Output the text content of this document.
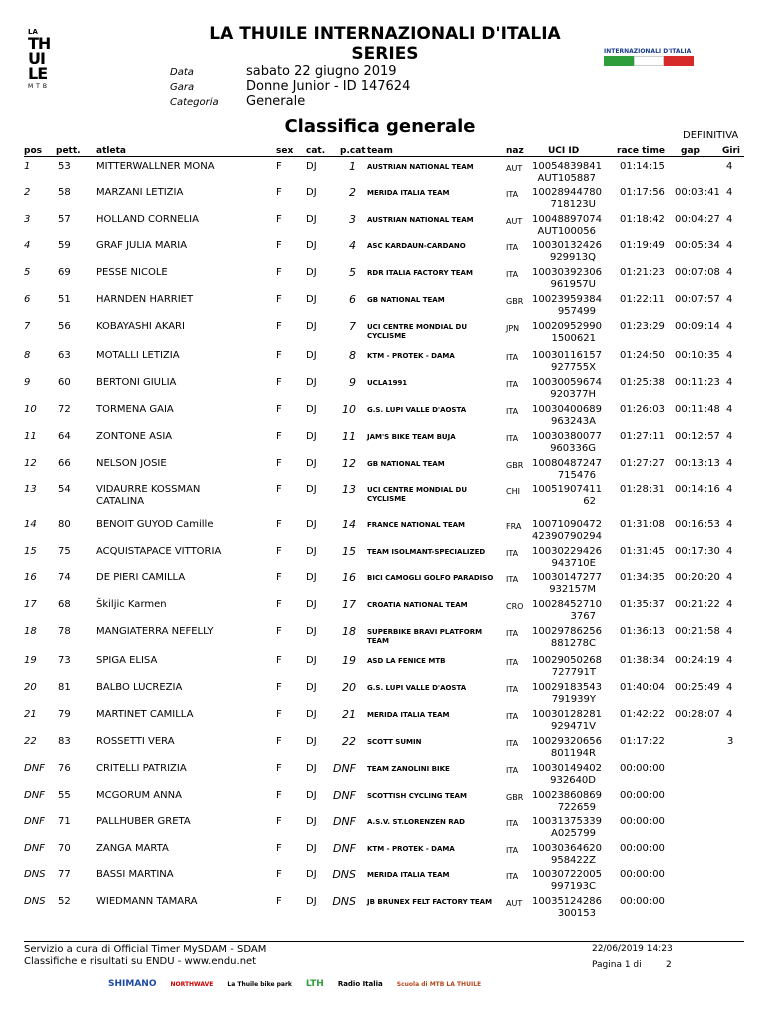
LA
TH
UI
LE
MTB
LA THUILE INTERNAZIONALI D'ITALIA
SERIES
Data	sabato 22 giugno 2019
Gara	Donne Junior - ID 147624
Categoria Generale
INTERNAZIONALI D'ITALIA
Classifica generale	DEFINITIVA
pos pett. atleta	sex cat. p.cat team	naz	UCI ID	race time gap Giri
1	53	MITTERWALLNER MONA	F DJ	1 AUSTRIAN NATIONAL TEAM	AUT	01:14:15	4
10054839841
AUT105887
2	58	MARZANI LETIZIA	F DJ	2 MERIDA ITALIA TEAM	ITA	01:17:56 00:03:41 4
10028944780
718123U
3	57	HOLLAND CORNELIA	F DJ	3 AUSTRIAN NATIONAL TEAM	AUT	01:18:42 00:04:27 4
10048897074
AUT100056
4	59	GRAF JULIA MARIA	F DJ	4 ASC KARDAUN-CARDANO	ITA	01:19:49 00:05:34 4
10030132426
929913Q
5	69	PESSE NICOLE	F DJ	5 RDR ITALIA FACTORY TEAM	ITA	01:21:23 00:07:08 4
10030392306
961957U
6	51	HARNDEN HARRIET	F DJ	6 GB NATIONAL TEAM	GBR	01:22:11 00:07:57 4
10023959384
957499
7	56	KOBAYASHI AKARI	F DJ	7 UCI CENTRE MONDIAL DU CYCLISME
JPN	01:23:29 00:09:14 4
10020952990
1500621
8	63	MOTALLI LETIZIA	F DJ	8 KTM - PROTEK - DAMA	ITA	01:24:50 00:10:35 4
10030116157
927755X
9	60	BERTONI GIULIA	F DJ	9 UCLA1991	ITA	01:25:38 00:11:23 4
10030059674
920377H
10 72	TORMENA GAIA	F DJ	10 G.S. LUPI VALLE D'AOSTA	ITA	01:26:03 00:11:48 4
10030400689
963243A
11 64	ZONTONE ASIA	F DJ	11 JAM'S BIKE TEAM BUJA	ITA	01:27:11 00:12:57 4
10030380077
960336G
12 66	NELSON JOSIE	F DJ	12 GB NATIONAL TEAM	GBR	01:27:27 00:13:13 4
10080487247
715476
13 54	VIDAURRE KOSSMAN CATALINA
F DJ	13 UCI CENTRE MONDIAL DU CYCLISME
CHI	01:28:31 00:14:16 4
10051907411
62
14 80	BENOIT GUYOD Camille	F DJ	14 FRANCE NATIONAL TEAM	FRA	01:31:08 00:16:53 4
10071090472
42390790294
15 75	ACQUISTAPACE VITTORIA	F DJ	15 TEAM ISOLMANT-SPECIALIZED	ITA	01:31:45 00:17:30 4
10030229426
943710E
16 74	DE PIERI CAMILLA	F DJ	16 BICI CAMOGLI GOLFO PARADISO	ITA	01:34:35 00:20:20 4
10030147277
932157M
17 68	Škiljic Karmen	F DJ	17 CROATIA NATIONAL TEAM	CRO	01:35:37 00:21:22 4
10028452710
3767
18 78	MANGIATERRA NEFELLY	F DJ	18 SUPERBIKE BRAVI PLATFORM TEAM
ITA	01:36:13 00:21:58 4
10029786256
881278C
19 73	SPIGA ELISA	F DJ	19 ASD LA FENICE MTB	ITA	01:38:34 00:24:19 4
10029050268
727791T
20 81	BALBO LUCREZIA	F DJ	20 G.S. LUPI VALLE D'AOSTA	ITA	01:40:04 00:25:49 4
10029183543
791939Y
21 79	MARTINET CAMILLA	F DJ	21 MERIDA ITALIA TEAM	ITA	01:42:22 00:28:07 4
10030128281
929471V
22 83	ROSSETTI VERA	F DJ	22 SCOTT SUMIN	ITA	01:17:22	3
10029320656
801194R
DNF 76	CRITELLI PATRIZIA	F DJ DNF TEAM ZANOLINI BIKE	ITA	00:00:00
10030149402
932640D
DNF 55	MCGORUM ANNA	F DJ DNF SCOTTISH CYCLING TEAM	GBR	00:00:00
10023860869
722659
DNF 71	PALLHUBER GRETA	F DJ DNF A.S.V. ST.LORENZEN RAD	ITA	00:00:00
10031375339
A025799
DNF 70	ZANGA MARTA	F DJ DNF KTM - PROTEK - DAMA	ITA	00:00:00
10030364620
958422Z
DNS 77	BASSI MARTINA	F DJ DNS MERIDA ITALIA TEAM	ITA	00:00:00
10030722005
997193C
DNS 52	WIEDMANN TAMARA	F DJ DNS JB BRUNEX FELT FACTORY TEAM	AUT	00:00:00
10035124286
300153
Servizio a cura di Official Timer MySDAM - SDAM
Classifiche e risultati su ENDU - www.endu.net
22/06/2019 14:23
Pagina 1 di	2
SHIMANO NORTHWAVE La Thuile bike park LTH Radio Italia Scuola di MTB LA THUILE
